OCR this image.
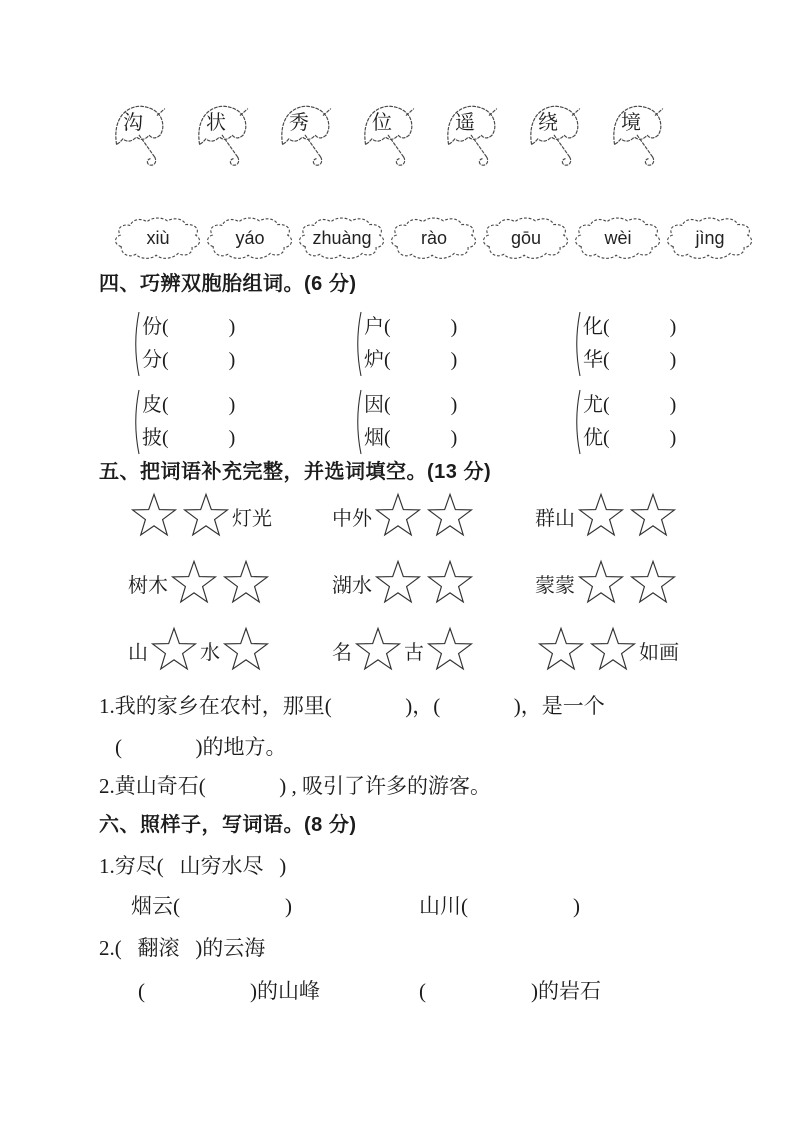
沟	状	秀	位	遥	绕	境
xiù	yáo	zhuàng	rào	gōu	wèi	jìng
四、巧辨双胞胎组词。(6 分)
份(            )
分(            )
户(            )
炉(            )
化(            )
华(            )
皮(            )
披(            )
因(            )
烟(            )
尤(            )
优(            )
五、把词语补充完整，并选词填空。(13 分)
灯光	中外	群山
树木	湖水	蒙蒙
山	水	名	古	如画
1.我的家乡在农村，那里(              )，(              )，是一个
(              )的地方。
2.黄山奇石(              ) , 吸引了许多的游客。
六、照样子，写词语。(8 分)
1.穷尽(   山穷水尽   )
烟云(                    )	山川(                    )
2.(   翻滚   )的云海
(                    )的山峰	(                    )的岩石
